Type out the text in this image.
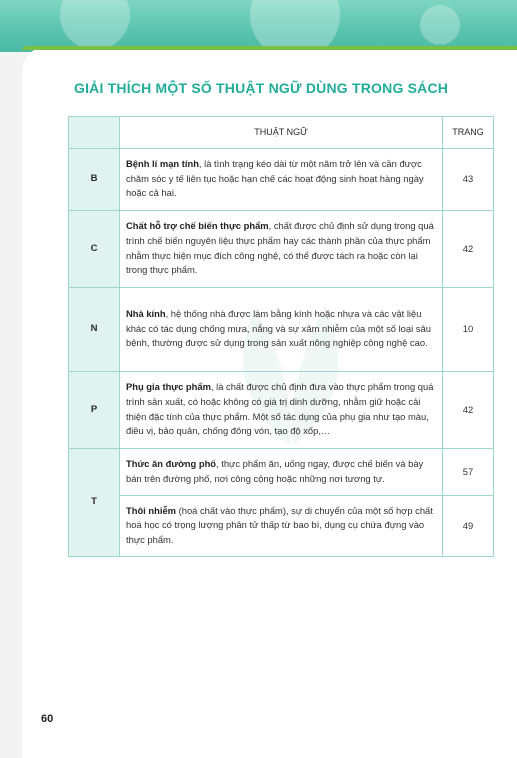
GIẢI THÍCH MỘT SỐ THUẬT NGỮ DÙNG TRONG SÁCH
	THUẬT NGỮ	TRANG
B	Bệnh lí mạn tính, là tình trạng kéo dài từ một năm trở lên và cần được chăm sóc y tế liên tục hoặc hạn chế các hoạt động sinh hoạt hàng ngày hoặc cả hai.	43
C	Chất hỗ trợ chế biến thực phẩm, chất được chủ định sử dụng trong quá trình chế biến nguyên liệu thực phẩm hay các thành phần của thực phẩm nhằm thực hiện mục đích công nghệ, có thể được tách ra hoặc còn lại trong thực phẩm.	42
N	Nhà kính, hệ thống nhà được làm bằng kính hoặc nhựa và các vật liệu khác có tác dụng chống mưa, nắng và sự xâm nhiễm của một số loại sâu bệnh, thường được sử dụng trong sản xuất nông nghiệp công nghệ cao.	10
P	Phụ gia thực phẩm, là chất được chủ định đưa vào thực phẩm trong quá trình sản xuất, có hoặc không có giá trị dinh dưỡng, nhằm giữ hoặc cải thiện đặc tính của thực phẩm. Một số tác dụng của phụ gia như tạo màu, điều vị, bảo quản, chống đông vón, tạo độ xốp,…	42
T	Thức ăn đường phố, thực phẩm ăn, uống ngay, được chế biến và bày bán trên đường phố, nơi công cộng hoặc những nơi tương tự.	57
	Thôi nhiễm (hoá chất vào thực phẩm), sự di chuyển của một số hợp chất hoá học có trọng lượng phân tử thấp từ bao bì, dụng cụ chứa đựng vào thực phẩm.	49
60
